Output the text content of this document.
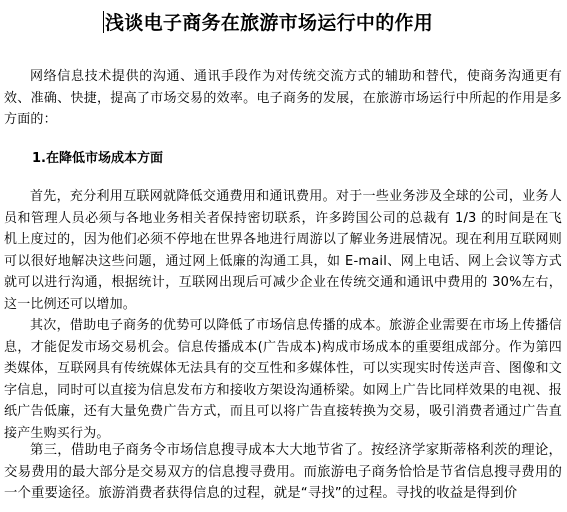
浅谈电子商务在旅游市场运行中的作用
网络信息技术提供的沟通、通讯手段作为对传统交流方式的辅助和替代，使商务沟通更有效、准确、快捷，提高了市场交易的效率。电子商务的发展，在旅游市场运行中所起的作用是多方面的：
1.在降低市场成本方面
首先，充分利用互联网就降低交通费用和通讯费用。对于一些业务涉及全球的公司，业务人员和管理人员必须与各地业务相关者保持密切联系，许多跨国公司的总裁有 1/3 的时间是在飞机上度过的，因为他们必须不停地在世界各地进行周游以了解业务进展情况。现在利用互联网则可以很好地解决这些问题，通过网上低廉的沟通工具，如 E-mail、网上电话、网上会议等方式就可以进行沟通，根据统计，互联网出现后可减少企业在传统交通和通讯中费用的 30%左右，这一比例还可以增加。
其次，借助电子商务的优势可以降低了市场信息传播的成本。旅游企业需要在市场上传播信息，才能促发市场交易机会。信息传播成本(广告成本)构成市场成本的重要组成部分。作为第四类媒体，互联网具有传统媒体无法具有的交互性和多媒体性，可以实现实时传送声音、图像和文字信息，同时可以直接为信息发布方和接收方架设沟通桥梁。如网上广告比同样效果的电视、报纸广告低廉，还有大量免费广告方式，而且可以将广告直接转换为交易，吸引消费者通过广告直接产生购买行为。
第三，借助电子商务令市场信息搜寻成本大大地节省了。按经济学家斯蒂格利茨的理论，交易费用的最大部分是交易双方的信息搜寻费用。而旅游电子商务恰恰是节省信息搜寻费用的一个重要途径。旅游消费者获得信息的过程，就是“寻找”的过程。寻找的收益是得到价
